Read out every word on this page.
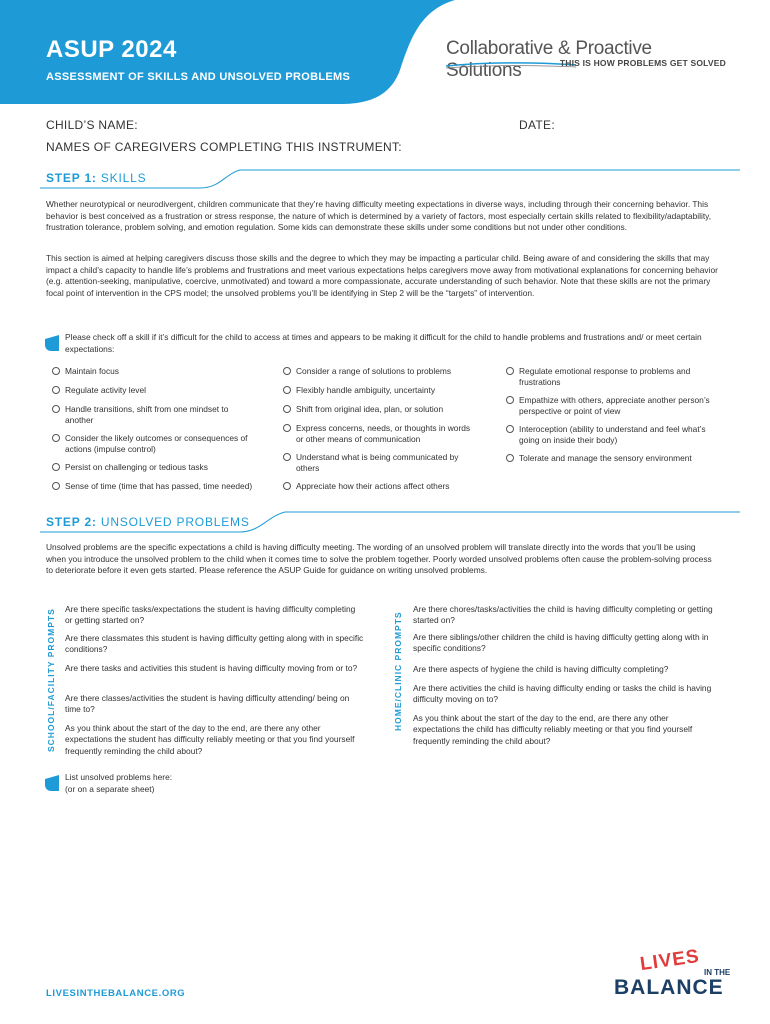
ASUP 2024
ASSESSMENT OF SKILLS AND UNSOLVED PROBLEMS
Collaborative & Proactive Solutions	THIS IS HOW PROBLEMS GET SOLVED
CHILD’S NAME:	DATE:
NAMES OF CAREGIVERS COMPLETING THIS INSTRUMENT:
STEP 1: SKILLS
Whether neurotypical or neurodivergent, children communicate that they’re having difficulty meeting expectations in diverse ways, including through their concerning behavior. This behavior is best conceived as a frustration or stress response, the nature of which is determined by a variety of factors, most especially certain skills related to flexibility/adaptability, frustration tolerance, problem solving, and emotion regulation. Some kids can demonstrate these skills under some conditions but not under other conditions.
This section is aimed at helping caregivers discuss those skills and the degree to which they may be impacting a particular child. Being aware of and considering the skills that may impact a child’s capacity to handle life’s problems and frustrations and meet various expectations helps caregivers move away from motivational explanations for concerning behavior (e.g. attention-seeking, manipulative, coercive, unmotivated) and toward a more compassionate, accurate understanding of such behavior. Note that these skills are not the primary focal point of intervention in the CPS model; the unsolved problems you’ll be identifying in Step 2 will be the “targets” of intervention.
Please check off a skill if it’s difficult for the child to access at times and appears to be making it difficult for the child to handle problems and frustrations and/ or meet certain expectations:
Maintain focus
Regulate activity level
Handle transitions, shift from one mindset to another
Consider the likely outcomes or consequences of actions (impulse control)
Persist on challenging or tedious tasks
Sense of time (time that has passed, time needed)
Consider a range of solutions to problems
Flexibly handle ambiguity, uncertainty
Shift from original idea, plan, or solution
Express concerns, needs, or thoughts in words or other means of communication
Understand what is being communicated by others
Appreciate how their actions affect others
Regulate emotional response to problems and frustrations
Empathize with others, appreciate another person’s perspective or point of view
Interoception (ability to understand and feel what’s going on inside their body)
Tolerate and manage the sensory environment
STEP 2: UNSOLVED PROBLEMS
Unsolved problems are the specific expectations a child is having difficulty meeting. The wording of an unsolved problem will translate directly into the words that you’ll be using when you introduce the unsolved problem to the child when it comes time to solve the problem together. Poorly worded unsolved problems often cause the problem-solving process to deteriorate before it even gets started. Please reference the ASUP Guide for guidance on writing unsolved problems.
SCHOOL/FACILITY PROMPTS	HOME/CLINIC PROMPTS
Are there specific tasks/expectations the student is having difficulty completing or getting started on?
Are there classmates this student is having difficulty getting along with in specific conditions?
Are there tasks and activities this student is having difficulty moving from or to?
Are there classes/activities the student is having difficulty attending/ being on time to?
As you think about the start of the day to the end, are there any other expectations the student has difficulty reliably meeting or that you find yourself frequently reminding the child about?
Are there chores/tasks/activities the child is having difficulty completing or getting started on?
Are there siblings/other children the child is having difficulty getting along with in specific conditions?
Are there aspects of hygiene the child is having difficulty completing?
Are there activities the child is having difficulty ending or tasks the child is having difficulty moving on to?
As you think about the start of the day to the end, are there any other expectations the child has difficulty reliably meeting or that you find yourself frequently reminding the child about?
List unsolved problems here:
(or on a separate sheet)
LIVESINTHEBALANCE.ORG
LIVES IN THE
BALANCE
